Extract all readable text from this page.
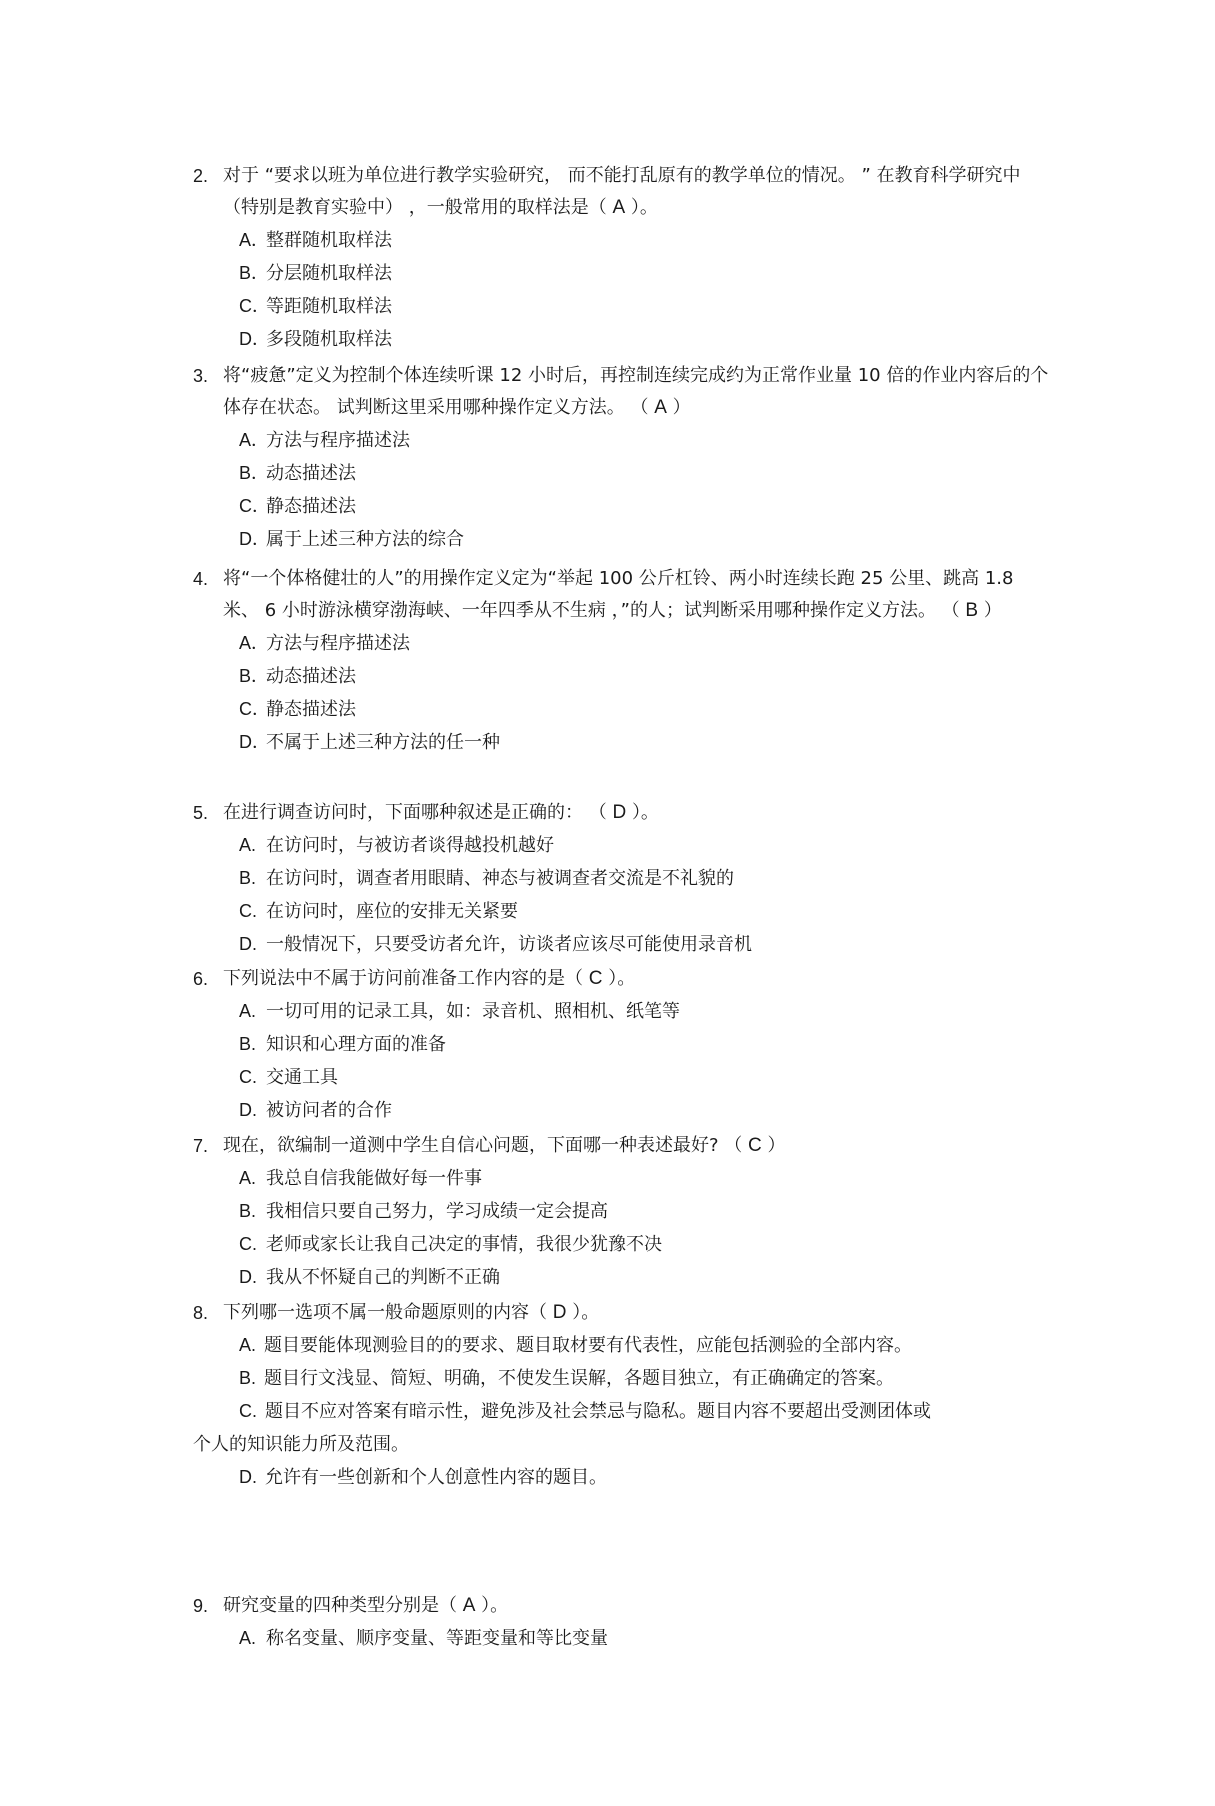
2. 对于 “要求以班为单位进行教学实验研究， 而不能打乱原有的教学单位的情况。 ” 在教育科学研究中（特别是教育实验中） ，一般常用的取样法是（ A ）。
A．
整群随机取样法
B．
分层随机取样法
C．
等距随机取样法
D．
多段随机取样法
3. 将“疲惫”定义为控制个体连续听课 12 小时后，再控制连续完成约为正常作业量 10 倍的作业内容后的个体存在状态。 试判断这里采用哪种操作定义方法。 （ A ）
A．
方法与程序描述法
B．
动态描述法
C．
静态描述法
D．
属于上述三种方法的综合
4. 将“一个体格健壮的人”的用操作定义定为“举起 100 公斤杠铃、两小时连续长跑 25 公里、跳高 1.8 米、 6 小时游泳横穿渤海峡、一年四季从不生病 ，”的人；试判断采用哪种操作定义方法。 （ B ）
A．
方法与程序描述法
B．
动态描述法
C．
静态描述法
D．
不属于上述三种方法的任一种
5. 在进行调查访问时，下面哪种叙述是正确的： （ D ）。
A. 在访问时，与被访者谈得越投机越好
B. 在访问时，调查者用眼睛、神态与被调查者交流是不礼貌的
C. 在访问时，座位的安排无关紧要
D. 一般情况下，只要受访者允许，访谈者应该尽可能使用录音机
6. 下列说法中不属于访问前准备工作内容的是（ C ）。
A. 一切可用的记录工具，如：录音机、照相机、纸笔等
B. 知识和心理方面的准备
C. 交通工具
D. 被访问者的合作
7. 现在，欲编制一道测中学生自信心问题，下面哪一种表述最好? （ C ）
A. 我总自信我能做好每一件事
B. 我相信只要自己努力，学习成绩一定会提高
C. 老师或家长让我自己决定的事情，我很少犹豫不决
D. 我从不怀疑自己的判断不正确
8. 下列哪一选项不属一般命题原则的内容（ D ）。
A. 题目要能体现测验目的的要求、题目取材要有代表性，应能包括测验的全部内容。
B. 题目行文浅显、简短、明确，不使发生误解，各题目独立，有正确确定的答案。
C. 题目不应对答案有暗示性，避免涉及社会禁忌与隐私。题目内容不要超出受测团体或个人的知识能力所及范围。
D. 允许有一些创新和个人创意性内容的题目。
9. 研究变量的四种类型分别是（ A ）。
A. 称名变量、顺序变量、等距变量和等比变量
